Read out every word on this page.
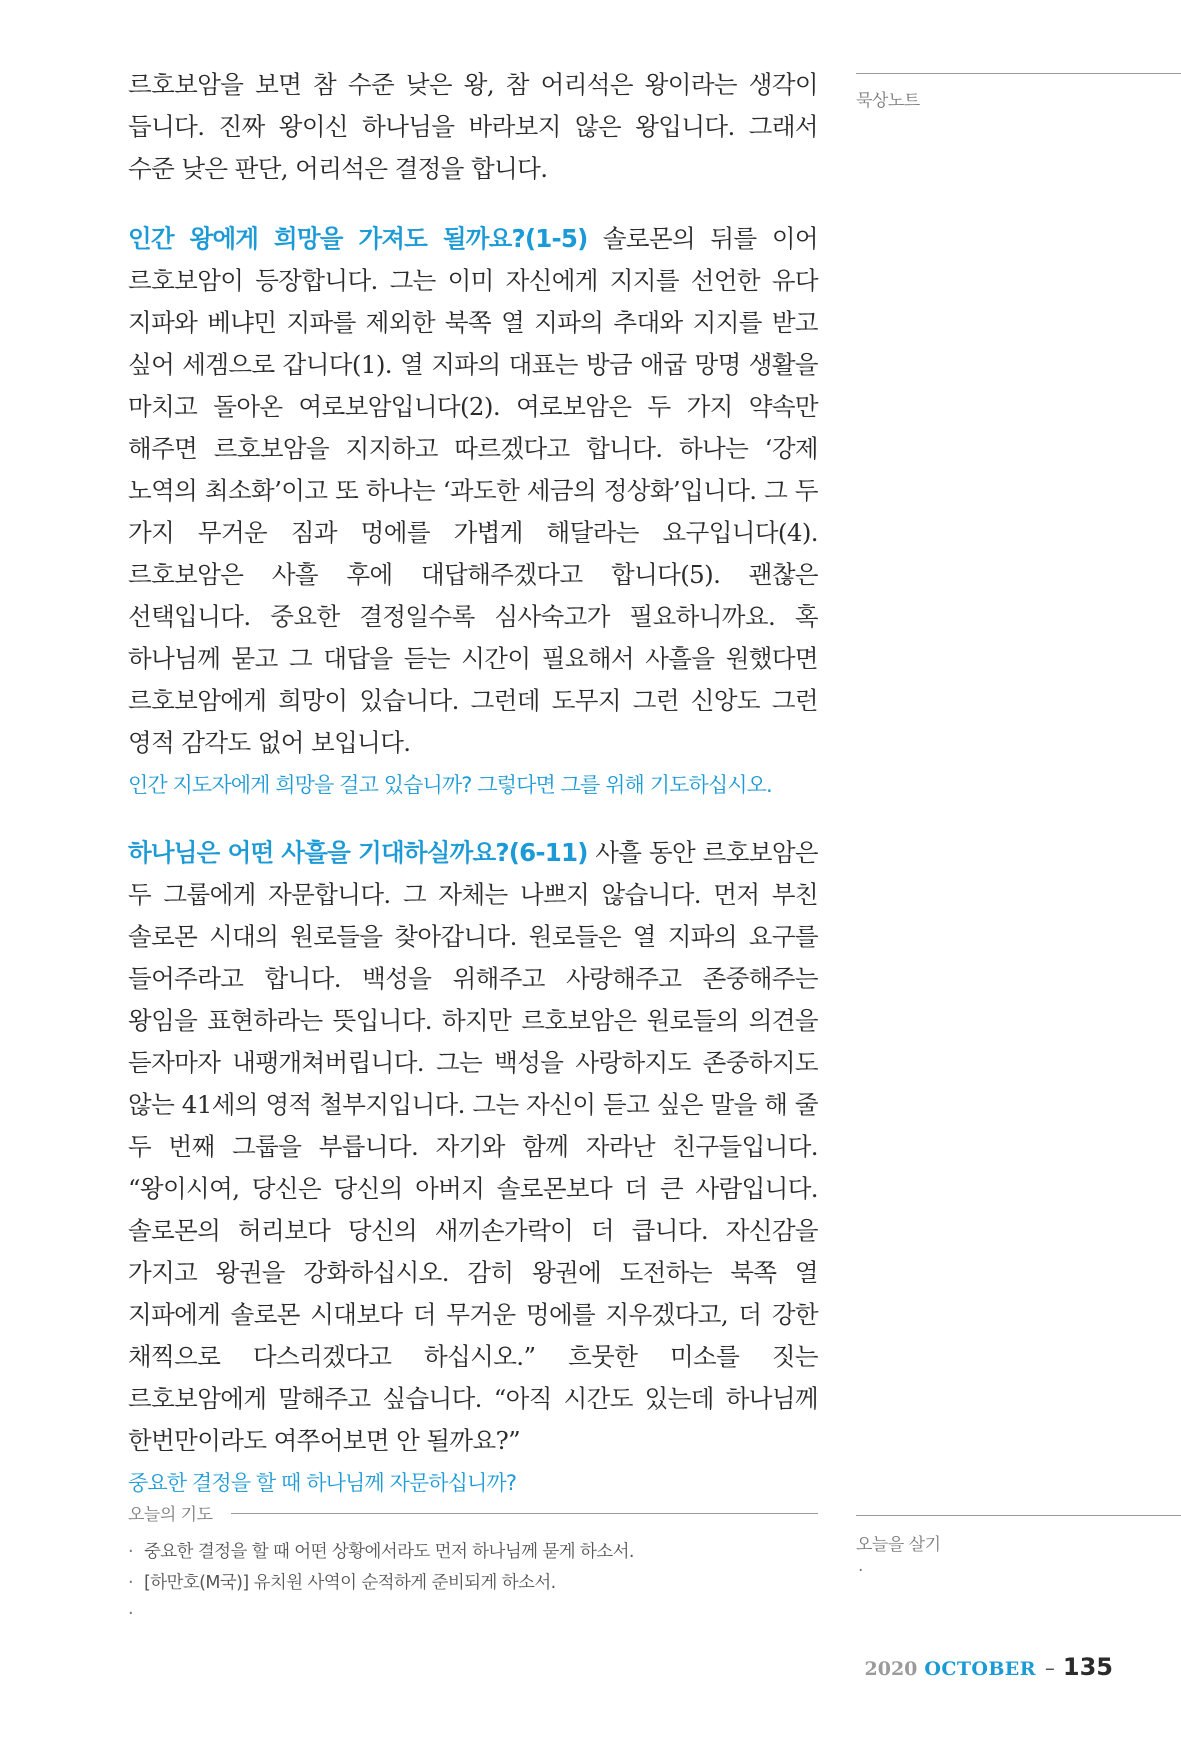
르호보암을 보면 참 수준 낮은 왕, 참 어리석은 왕이라는 생각이 듭니다. 진짜 왕이신 하나님을 바라보지 않은 왕입니다. 그래서 수준 낮은 판단, 어리석은 결정을 합니다.

인간 왕에게 희망을 가져도 될까요?(1-5) 솔로몬의 뒤를 이어 르호보암이 등장합니다. 그는 이미 자신에게 지지를 선언한 유다 지파와 베냐민 지파를 제외한 북쪽 열 지파의 추대와 지지를 받고 싶어 세겜으로 갑니다(1). 열 지파의 대표는 방금 애굽 망명 생활을 마치고 돌아온 여로보암입니다(2). 여로보암은 두 가지 약속만 해주면 르호보암을 지지하고 따르겠다고 합니다. 하나는 ‘강제 노역의 최소화’이고 또 하나는 ‘과도한 세금의 정상화’입니다. 그 두 가지 무거운 짐과 멍에를 가볍게 해달라는 요구입니다(4). 르호보암은 사흘 후에 대답해주겠다고 합니다(5). 괜찮은 선택입니다. 중요한 결정일수록 심사숙고가 필요하니까요. 혹 하나님께 묻고 그 대답을 듣는 시간이 필요해서 사흘을 원했다면 르호보암에게 희망이 있습니다. 그런데 도무지 그런 신앙도 그런 영적 감각도 없어 보입니다.

인간 지도자에게 희망을 걸고 있습니까? 그렇다면 그를 위해 기도하십시오.

하나님은 어떤 사흘을 기대하실까요?(6-11) 사흘 동안 르호보암은 두 그룹에게 자문합니다. 그 자체는 나쁘지 않습니다. 먼저 부친 솔로몬 시대의 원로들을 찾아갑니다. 원로들은 열 지파의 요구를 들어주라고 합니다. 백성을 위해주고 사랑해주고 존중해주는 왕임을 표현하라는 뜻입니다. 하지만 르호보암은 원로들의 의견을 듣자마자 내팽개쳐버립니다. 그는 백성을 사랑하지도 존중하지도 않는 41세의 영적 철부지입니다. 그는 자신이 듣고 싶은 말을 해 줄 두 번째 그룹을 부릅니다. 자기와 함께 자라난 친구들입니다. “왕이시여, 당신은 당신의 아버지 솔로몬보다 더 큰 사람입니다. 솔로몬의 허리보다 당신의 새끼손가락이 더 큽니다. 자신감을 가지고 왕권을 강화하십시오. 감히 왕권에 도전하는 북쪽 열 지파에게 솔로몬 시대보다 더 무거운 멍에를 지우겠다고, 더 강한 채찍으로 다스리겠다고 하십시오.” 흐뭇한 미소를 짓는 르호보암에게 말해주고 싶습니다. “아직 시간도 있는데 하나님께 한번만이라도 여쭈어보면 안 될까요?”

중요한 결정을 할 때 하나님께 자문하십니까?

묵상노트
오늘의 기도
· 중요한 결정을 할 때 어떤 상황에서라도 먼저 하나님께 묻게 하소서.
· [하만호(M국)] 유치원 사역이 순적하게 준비되게 하소서.
·
오늘을 살기
·
2020 OCTOBER – 135
